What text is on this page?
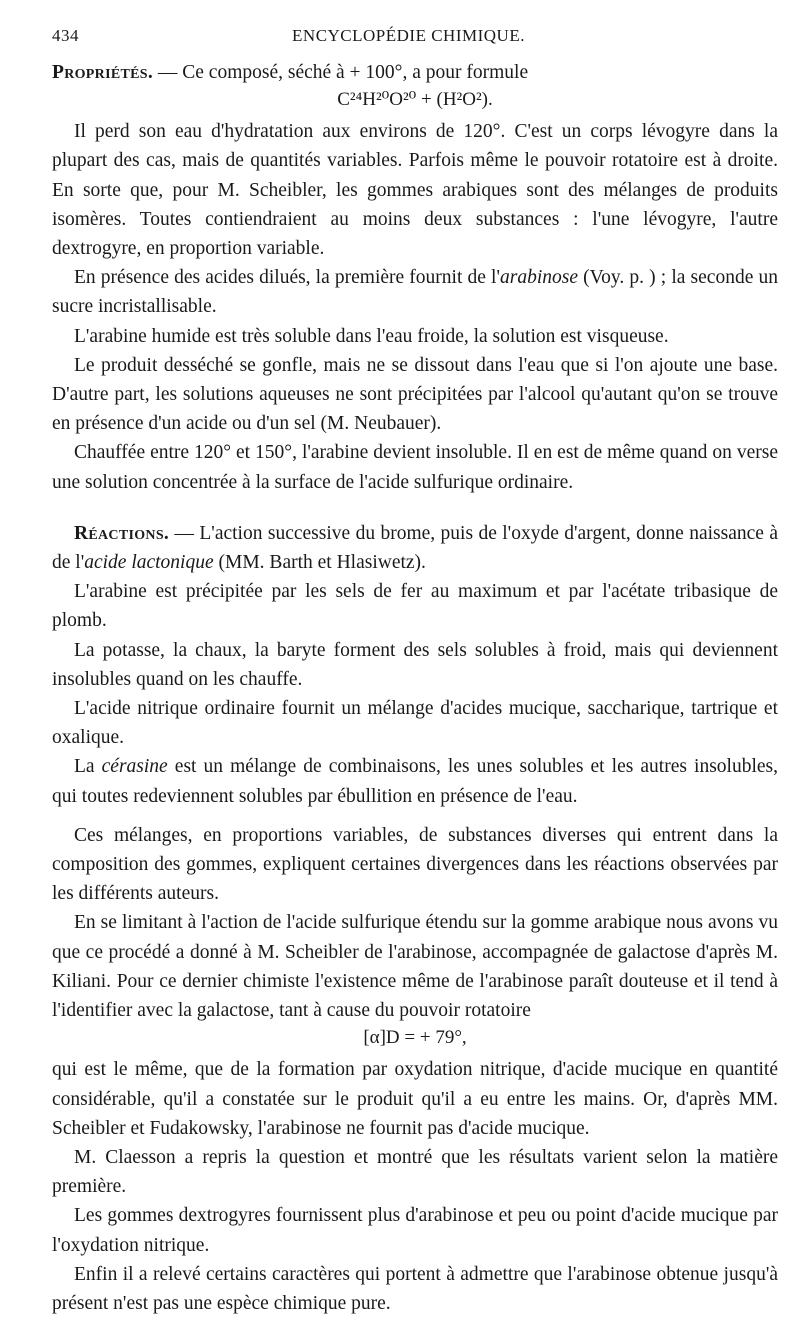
434	ENCYCLOPÉDIE CHIMIQUE.

Propriétés. — Ce composé, séché à + 100°, a pour formule

C²⁴H²⁰O²⁰ + (H²O²).

Il perd son eau d'hydratation aux environs de 120°. C'est un corps lévogyre dans la plupart des cas, mais de quantités variables. Parfois même le pouvoir rotatoire est à droite. En sorte que, pour M. Scheibler, les gommes arabiques sont des mélanges de produits isomères. Toutes contiendraient au moins deux substances : l'une lévogyre, l'autre dextrogyre, en proportion variable.

En présence des acides dilués, la première fournit de l'arabinose (Voy. p. ) ; la seconde un sucre incristallisable.

L'arabine humide est très soluble dans l'eau froide, la solution est visqueuse.

Le produit desséché se gonfle, mais ne se dissout dans l'eau que si l'on ajoute une base. D'autre part, les solutions aqueuses ne sont précipitées par l'alcool qu'autant qu'on se trouve en présence d'un acide ou d'un sel (M. Neubauer).

Chauffée entre 120° et 150°, l'arabine devient insoluble. Il en est de même quand on verse une solution concentrée à la surface de l'acide sulfurique ordinaire.

Réactions. — L'action successive du brome, puis de l'oxyde d'argent, donne naissance à de l'acide lactonique (MM. Barth et Hlasiwetz).

L'arabine est précipitée par les sels de fer au maximum et par l'acétate tribasique de plomb.

La potasse, la chaux, la baryte forment des sels solubles à froid, mais qui deviennent insolubles quand on les chauffe.

L'acide nitrique ordinaire fournit un mélange d'acides mucique, saccharique, tartrique et oxalique.

La cérasine est un mélange de combinaisons, les unes solubles et les autres insolubles, qui toutes redeviennent solubles par ébullition en présence de l'eau.

Ces mélanges, en proportions variables, de substances diverses qui entrent dans la composition des gommes, expliquent certaines divergences dans les réactions observées par les différents auteurs.

En se limitant à l'action de l'acide sulfurique étendu sur la gomme arabique nous avons vu que ce procédé a donné à M. Scheibler de l'arabinose, accompagnée de galactose d'après M. Kiliani. Pour ce dernier chimiste l'existence même de l'arabinose paraît douteuse et il tend à l'identifier avec la galactose, tant à cause du pouvoir rotatoire

[α]D = + 79°,

qui est le même, que de la formation par oxydation nitrique, d'acide mucique en quantité considérable, qu'il a constatée sur le produit qu'il a eu entre les mains. Or, d'après MM. Scheibler et Fudakowsky, l'arabinose ne fournit pas d'acide mucique.

M. Claesson a repris la question et montré que les résultats varient selon la matière première.

Les gommes dextrogyres fournissent plus d'arabinose et peu ou point d'acide mucique par l'oxydation nitrique.

Enfin il a relevé certains caractères qui portent à admettre que l'arabinose obtenue jusqu'à présent n'est pas une espèce chimique pure.
